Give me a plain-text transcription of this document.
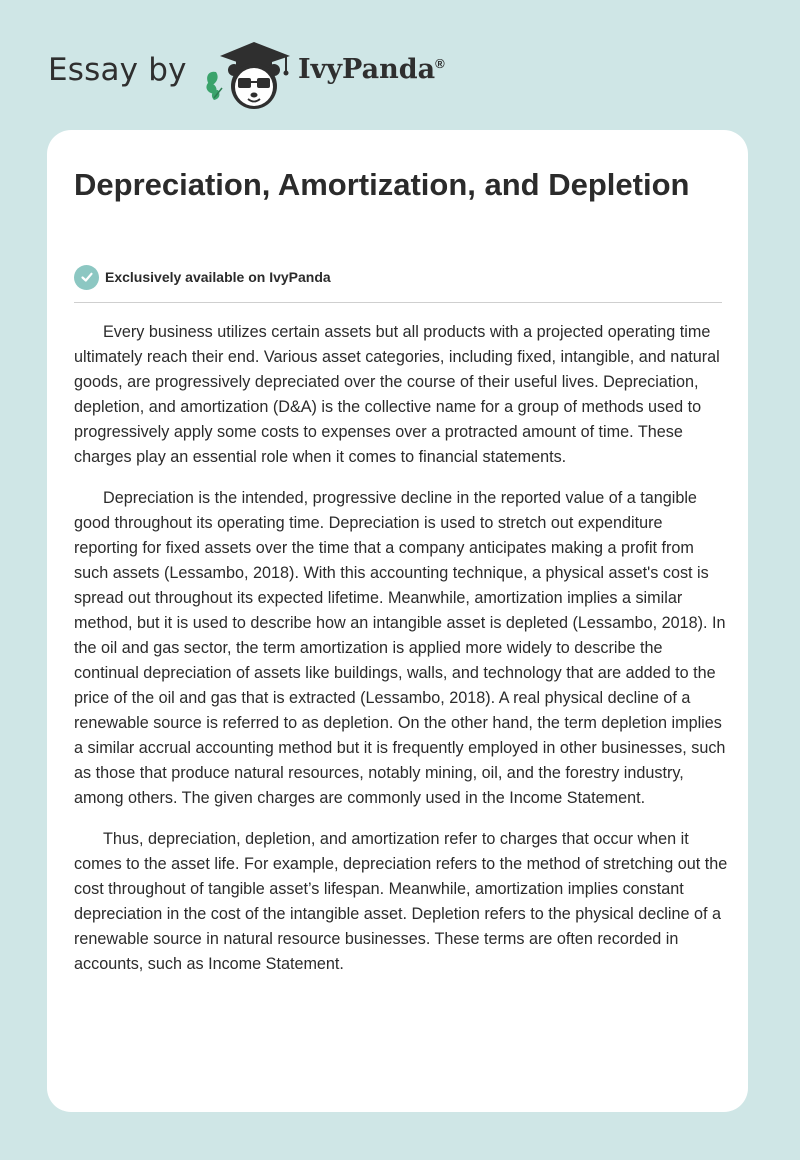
Essay by	IvyPanda®
Depreciation, Amortization, and Depletion
Exclusively available on IvyPanda

Every business utilizes certain assets but all products with a projected operating time ultimately reach their end. Various asset categories, including fixed, intangible, and natural goods, are progressively depreciated over the course of their useful lives. Depreciation, depletion, and amortization (D&A) is the collective name for a group of methods used to progressively apply some costs to expenses over a protracted amount of time. These charges play an essential role when it comes to financial statements.

Depreciation is the intended, progressive decline in the reported value of a tangible good throughout its operating time. Depreciation is used to stretch out expenditure reporting for fixed assets over the time that a company anticipates making a profit from such assets (Lessambo, 2018). With this accounting technique, a physical asset's cost is spread out throughout its expected lifetime. Meanwhile, amortization implies a similar method, but it is used to describe how an intangible asset is depleted (Lessambo, 2018). In the oil and gas sector, the term amortization is applied more widely to describe the continual depreciation of assets like buildings, walls, and technology that are added to the price of the oil and gas that is extracted (Lessambo, 2018). A real physical decline of a renewable source is referred to as depletion. On the other hand, the term depletion implies a similar accrual accounting method but it is frequently employed in other businesses, such as those that produce natural resources, notably mining, oil, and the forestry industry, among others. The given charges are commonly used in the Income Statement.

Thus, depreciation, depletion, and amortization refer to charges that occur when it comes to the asset life. For example, depreciation refers to the method of stretching out the cost throughout of tangible asset’s lifespan. Meanwhile, amortization implies constant depreciation in the cost of the intangible asset. Depletion refers to the physical decline of a renewable source in natural resource businesses. These terms are often recorded in accounts, such as Income Statement.
